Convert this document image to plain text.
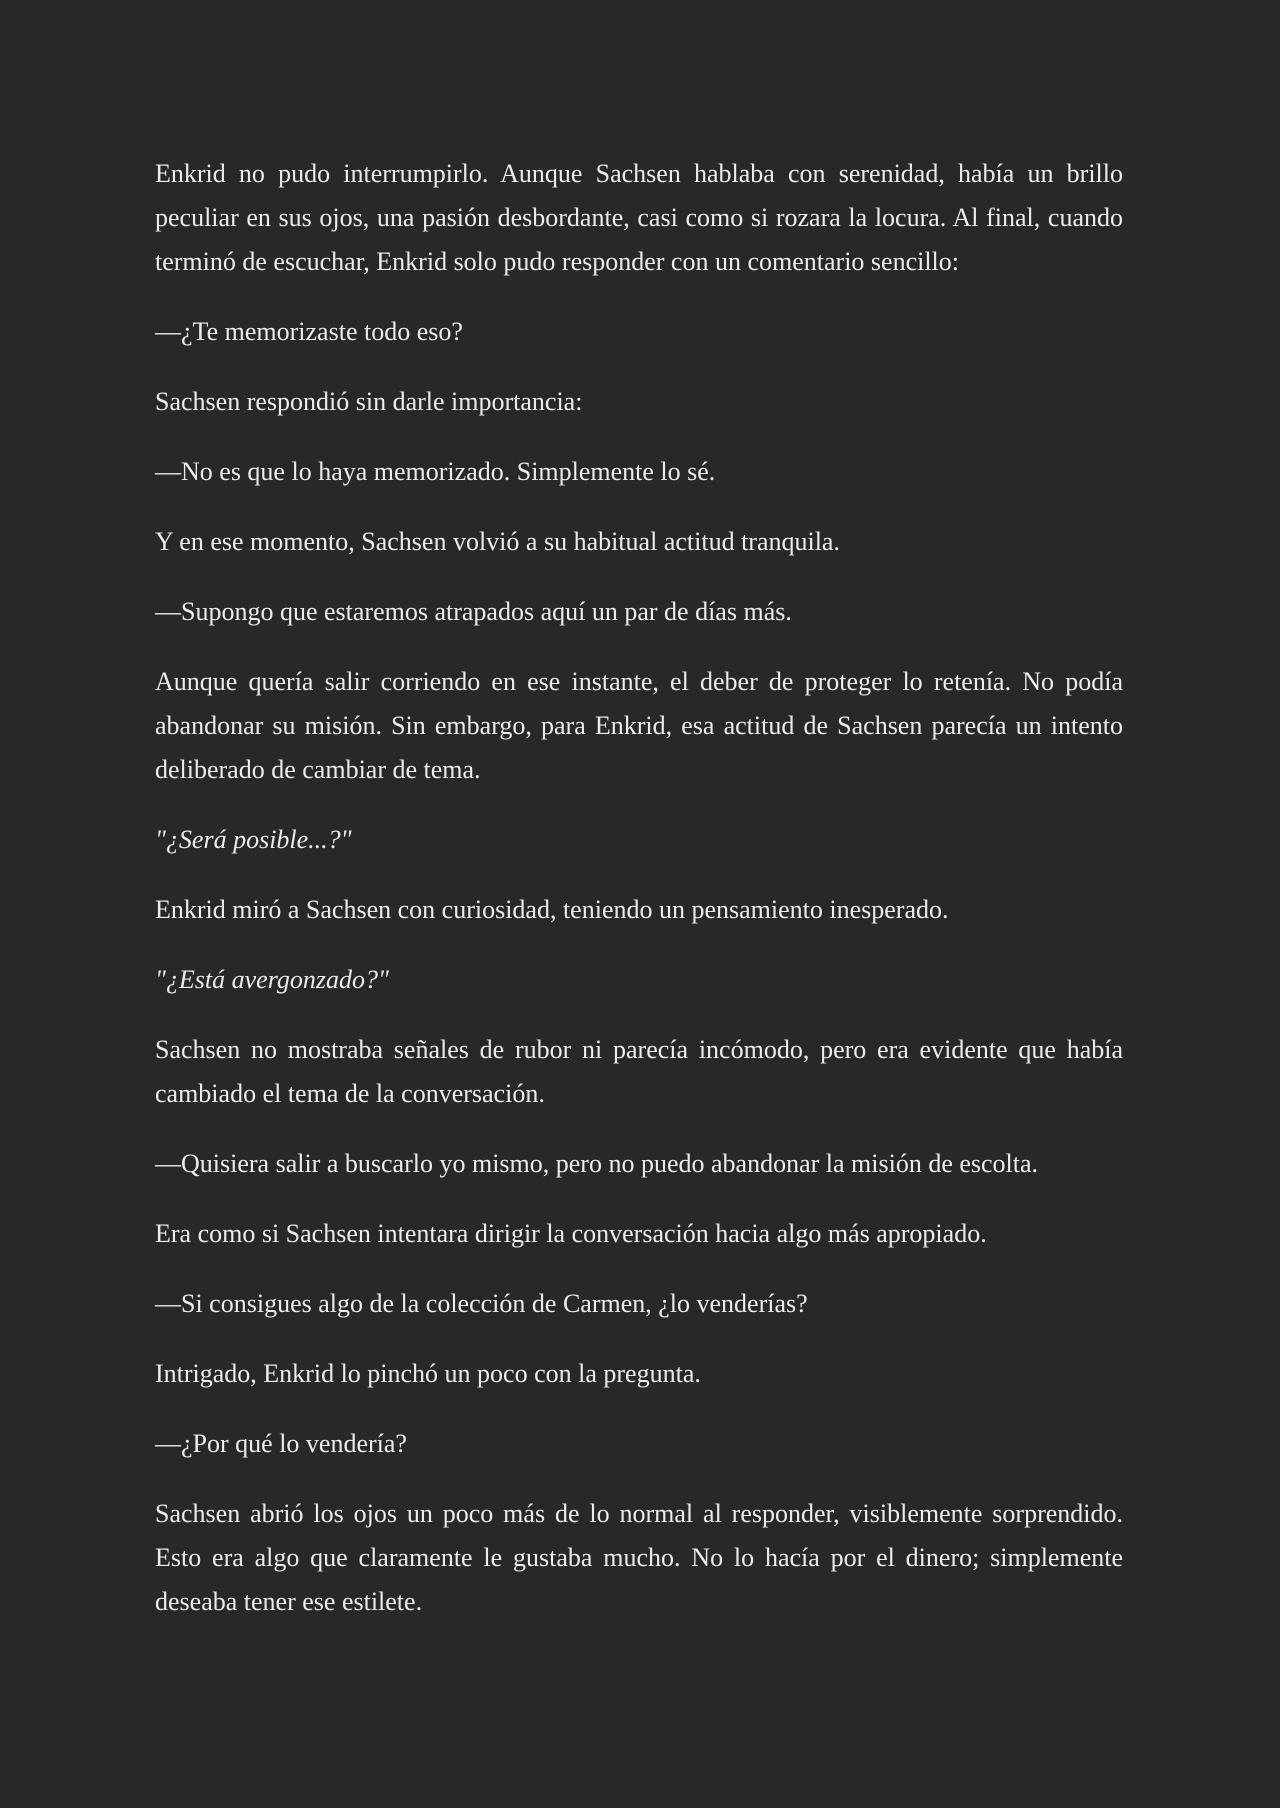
Enkrid no pudo interrumpirlo. Aunque Sachsen hablaba con serenidad, había un brillo peculiar en sus ojos, una pasión desbordante, casi como si rozara la locura. Al final, cuando terminó de escuchar, Enkrid solo pudo responder con un comentario sencillo:

—¿Te memorizaste todo eso?

Sachsen respondió sin darle importancia:

—No es que lo haya memorizado. Simplemente lo sé.

Y en ese momento, Sachsen volvió a su habitual actitud tranquila.

—Supongo que estaremos atrapados aquí un par de días más.

Aunque quería salir corriendo en ese instante, el deber de proteger lo retenía. No podía abandonar su misión. Sin embargo, para Enkrid, esa actitud de Sachsen parecía un intento deliberado de cambiar de tema.

"¿Será posible...?"

Enkrid miró a Sachsen con curiosidad, teniendo un pensamiento inesperado.

"¿Está avergonzado?"

Sachsen no mostraba señales de rubor ni parecía incómodo, pero era evidente que había cambiado el tema de la conversación.

—Quisiera salir a buscarlo yo mismo, pero no puedo abandonar la misión de escolta.

Era como si Sachsen intentara dirigir la conversación hacia algo más apropiado.

—Si consigues algo de la colección de Carmen, ¿lo venderías?

Intrigado, Enkrid lo pinchó un poco con la pregunta.

—¿Por qué lo vendería?

Sachsen abrió los ojos un poco más de lo normal al responder, visiblemente sorprendido. Esto era algo que claramente le gustaba mucho. No lo hacía por el dinero; simplemente deseaba tener ese estilete.
